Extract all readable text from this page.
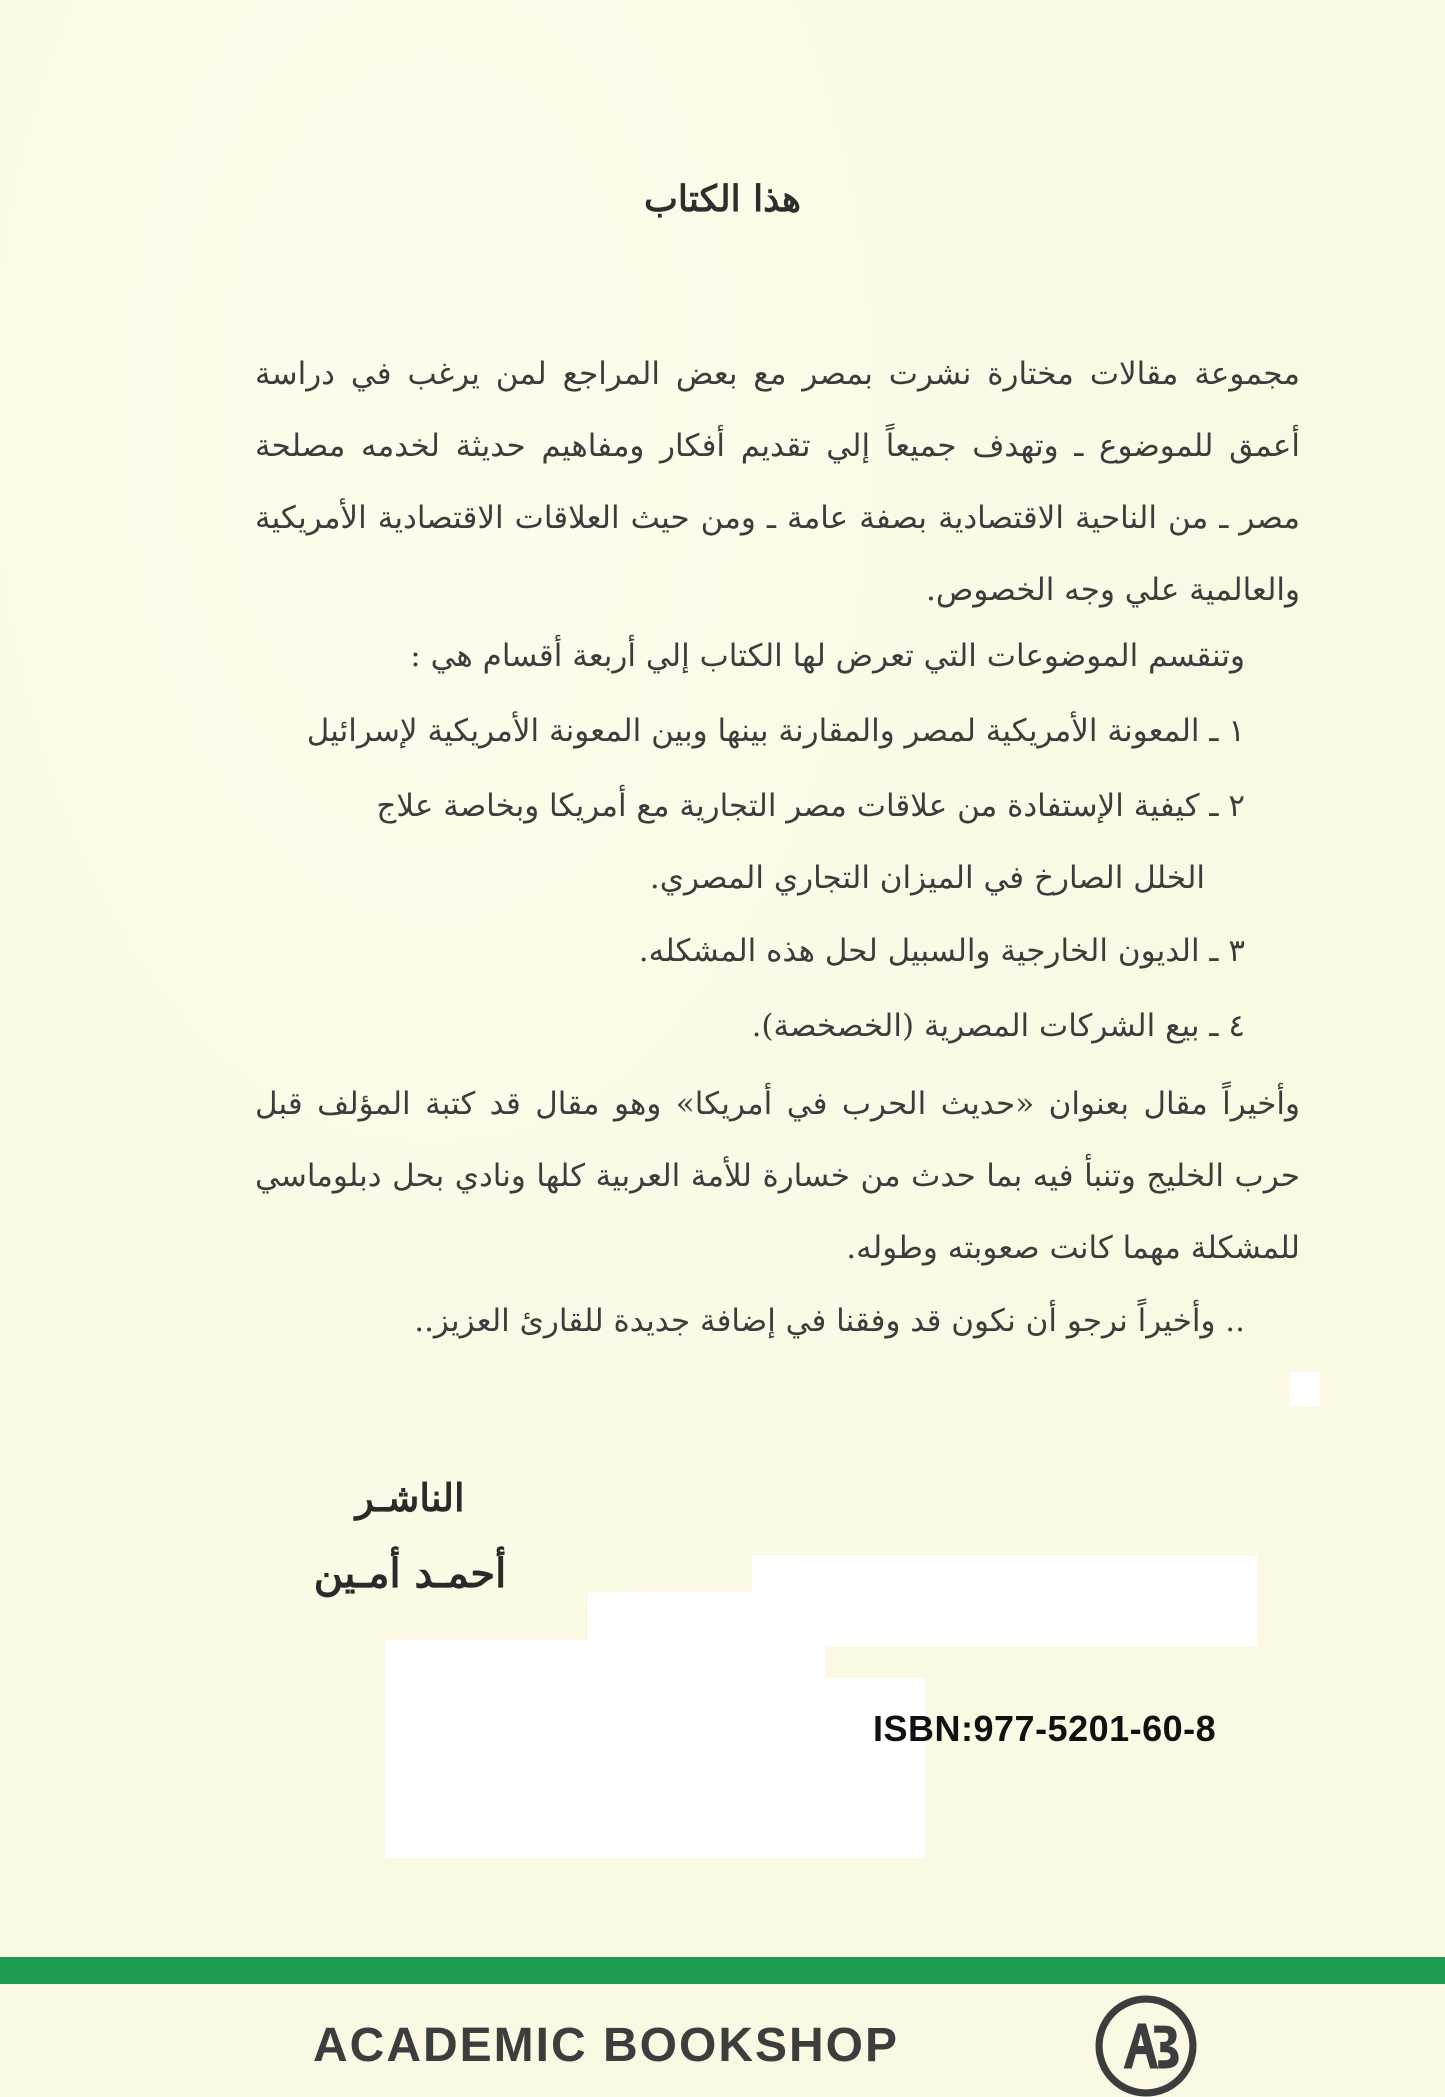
هذا الكتاب
مجموعة مقالات مختارة نشرت بمصر مع بعض المراجع لمن يرغب في دراسة أعمق للموضوع ـ وتهدف جميعاً إلي تقديم أفكار ومفاهيم حديثة لخدمه مصلحة مصر ـ من الناحية الاقتصادية بصفة عامة ـ ومن حيث العلاقات الاقتصادية الأمريكية والعالمية علي وجه الخصوص.
وتنقسم الموضوعات التي تعرض لها الكتاب إلي أربعة أقسام هي :
١ ـ المعونة الأمريكية لمصر والمقارنة بينها وبين المعونة الأمريكية لإسرائيل
٢ ـ كيفية الإستفادة من علاقات مصر التجارية مع أمريكا وبخاصة علاج
الخلل الصارخ في الميزان التجاري المصري.
٣ ـ الديون الخارجية والسبيل لحل هذه المشكله.
٤ ـ بيع الشركات المصرية (الخصخصة).
وأخيراً مقال بعنوان «حديث الحرب في أمريكا» وهو مقال قد كتبة المؤلف قبل حرب الخليج وتنبأ فيه بما حدث من خسارة للأمة العربية كلها ونادي بحل دبلوماسي للمشكلة مهما كانت صعوبته وطوله.
.. وأخيراً نرجو أن نكون قد وفقنا في إضافة جديدة للقارئ العزيز..
الناشـر
أحمـد أمـين
ISBN:977-5201-60-8
ACADEMIC BOOKSHOP
